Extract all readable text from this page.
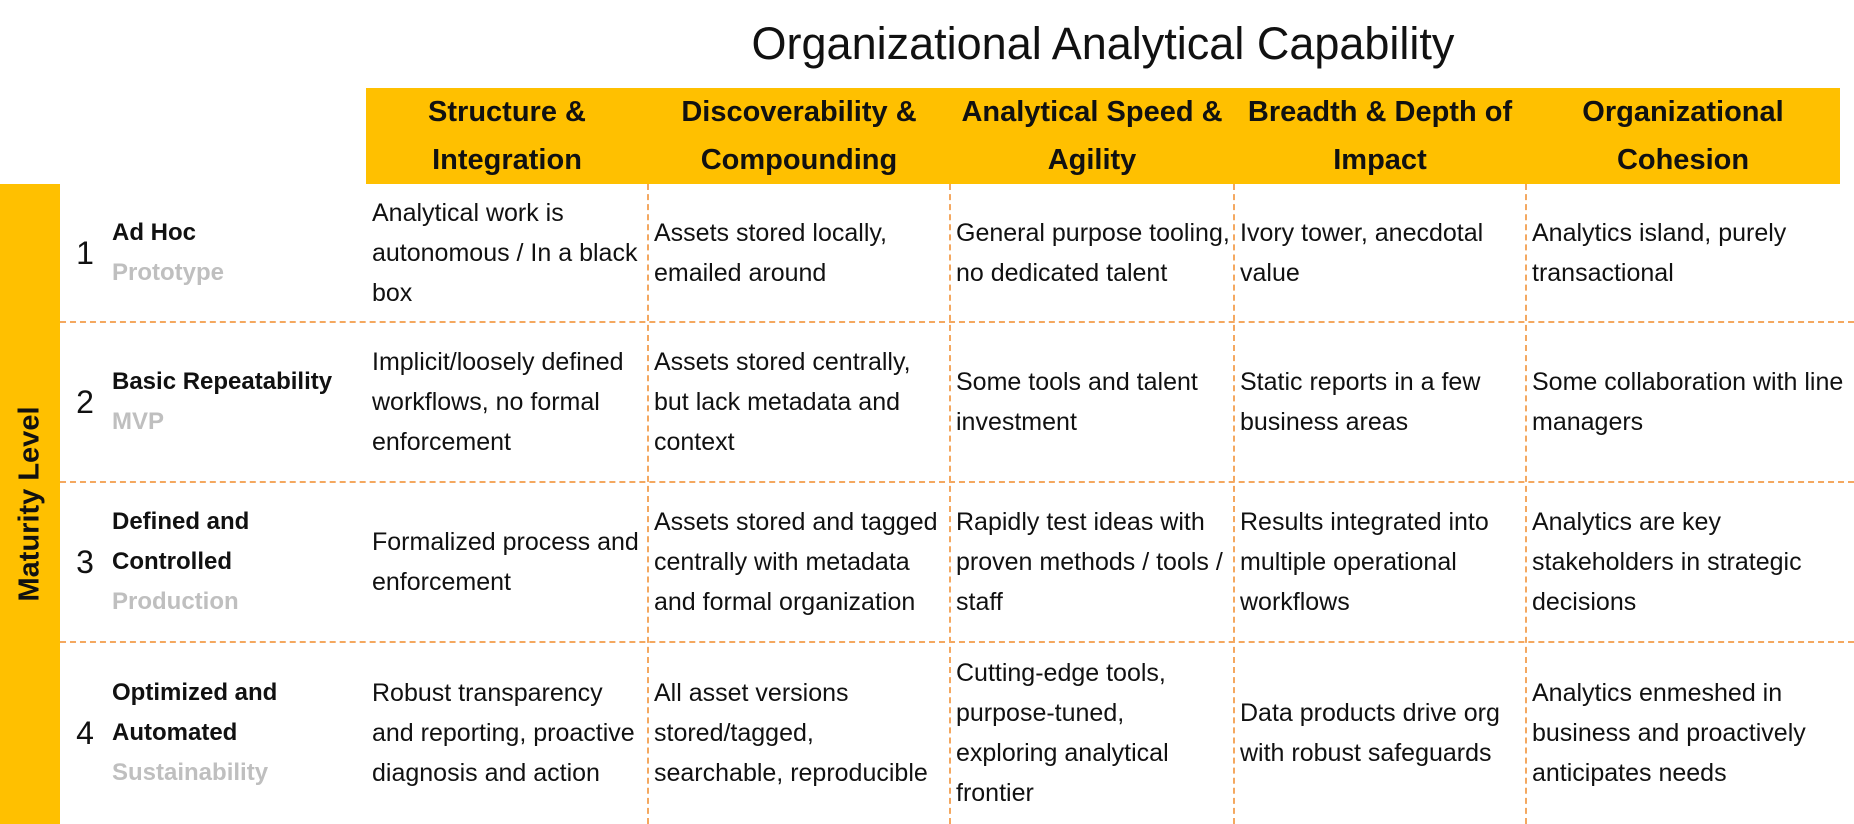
Organizational Analytical Capability
Structure & Integration
Discoverability & Compounding
Analytical Speed & Agility
Breadth & Depth of Impact
Organizational Cohesion
Maturity Level
1
Ad Hoc
Prototype
Analytical work is autonomous / In a black box
Assets stored locally, emailed around
General purpose tooling, no dedicated talent
Ivory tower, anecdotal value
Analytics island, purely transactional
2
Basic Repeatability
MVP
Implicit/loosely defined workflows, no formal enforcement
Assets stored centrally, but lack metadata and context
Some tools and talent investment
Static reports in a few business areas
Some collaboration with line managers
3
Defined and Controlled
Production
Formalized process and enforcement
Assets stored and tagged centrally with metadata and formal organization
Rapidly test ideas with proven methods / tools / staff
Results integrated into multiple operational workflows
Analytics are key stakeholders in strategic decisions
4
Optimized and Automated
Sustainability
Robust transparency and reporting, proactive diagnosis and action
All asset versions stored/tagged, searchable, reproducible
Cutting-edge tools, purpose-tuned, exploring analytical frontier
Data products drive org with robust safeguards
Analytics enmeshed in business and proactively anticipates needs
